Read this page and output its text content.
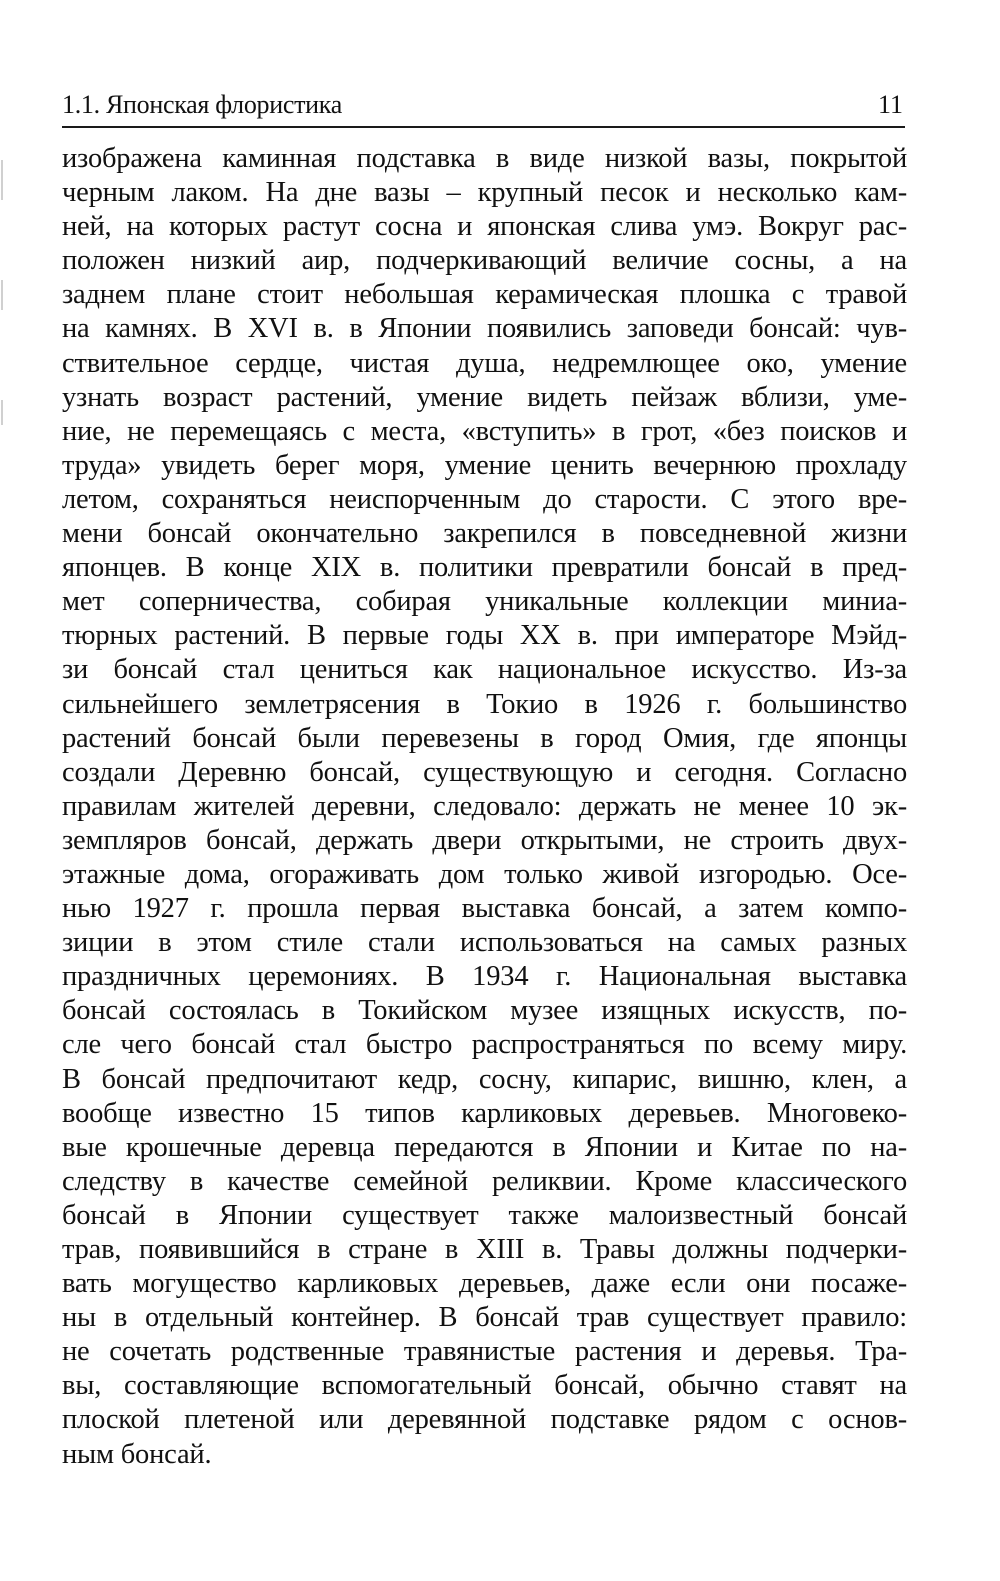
1.1. Японская флористика	11
изображена каминная подставка в виде низкой вазы, покрытой
черным лаком. На дне вазы – крупный песок и несколько кам-
ней, на которых растут сосна и японская слива умэ. Вокруг рас-
положен низкий аир, подчеркивающий величие сосны, а на
заднем плане стоит небольшая керамическая плошка с травой
на камнях. В XVI в. в Японии появились заповеди бонсай: чув-
ствительное сердце, чистая душа, недремлющее око, умение
узнать возраст растений, умение видеть пейзаж вблизи, уме-
ние, не перемещаясь с места, «вступить» в грот, «без поисков и
труда» увидеть берег моря, умение ценить вечернюю прохладу
летом, сохраняться неиспорченным до старости. С этого вре-
мени бонсай окончательно закрепился в повседневной жизни
японцев. В конце XIX в. политики превратили бонсай в пред-
мет соперничества, собирая уникальные коллекции миниа-
тюрных растений. В первые годы XX в. при императоре Мэйд-
зи бонсай стал цениться как национальное искусство. Из-за
сильнейшего землетрясения в Токио в 1926 г. большинство
растений бонсай были перевезены в город Омия, где японцы
создали Деревню бонсай, существующую и сегодня. Согласно
правилам жителей деревни, следовало: держать не менее 10 эк-
земпляров бонсай, держать двери открытыми, не строить двух-
этажные дома, огораживать дом только живой изгородью. Осе-
нью 1927 г. прошла первая выставка бонсай, а затем компо-
зиции в этом стиле стали использоваться на самых разных
праздничных церемониях. В 1934 г. Национальная выставка
бонсай состоялась в Токийском музее изящных искусств, по-
сле чего бонсай стал быстро распространяться по всему миру.
В бонсай предпочитают кедр, сосну, кипарис, вишню, клен, а
вообще известно 15 типов карликовых деревьев. Многовеко-
вые крошечные деревца передаются в Японии и Китае по на-
следству в качестве семейной реликвии. Кроме классического
бонсай в Японии существует также малоизвестный бонсай
трав, появившийся в стране в XIII в. Травы должны подчерки-
вать могущество карликовых деревьев, даже если они посаже-
ны в отдельный контейнер. В бонсай трав существует правило:
не сочетать родственные травянистые растения и деревья. Тра-
вы, составляющие вспомогательный бонсай, обычно ставят на
плоской плетеной или деревянной подставке рядом с основ-
ным бонсай.
